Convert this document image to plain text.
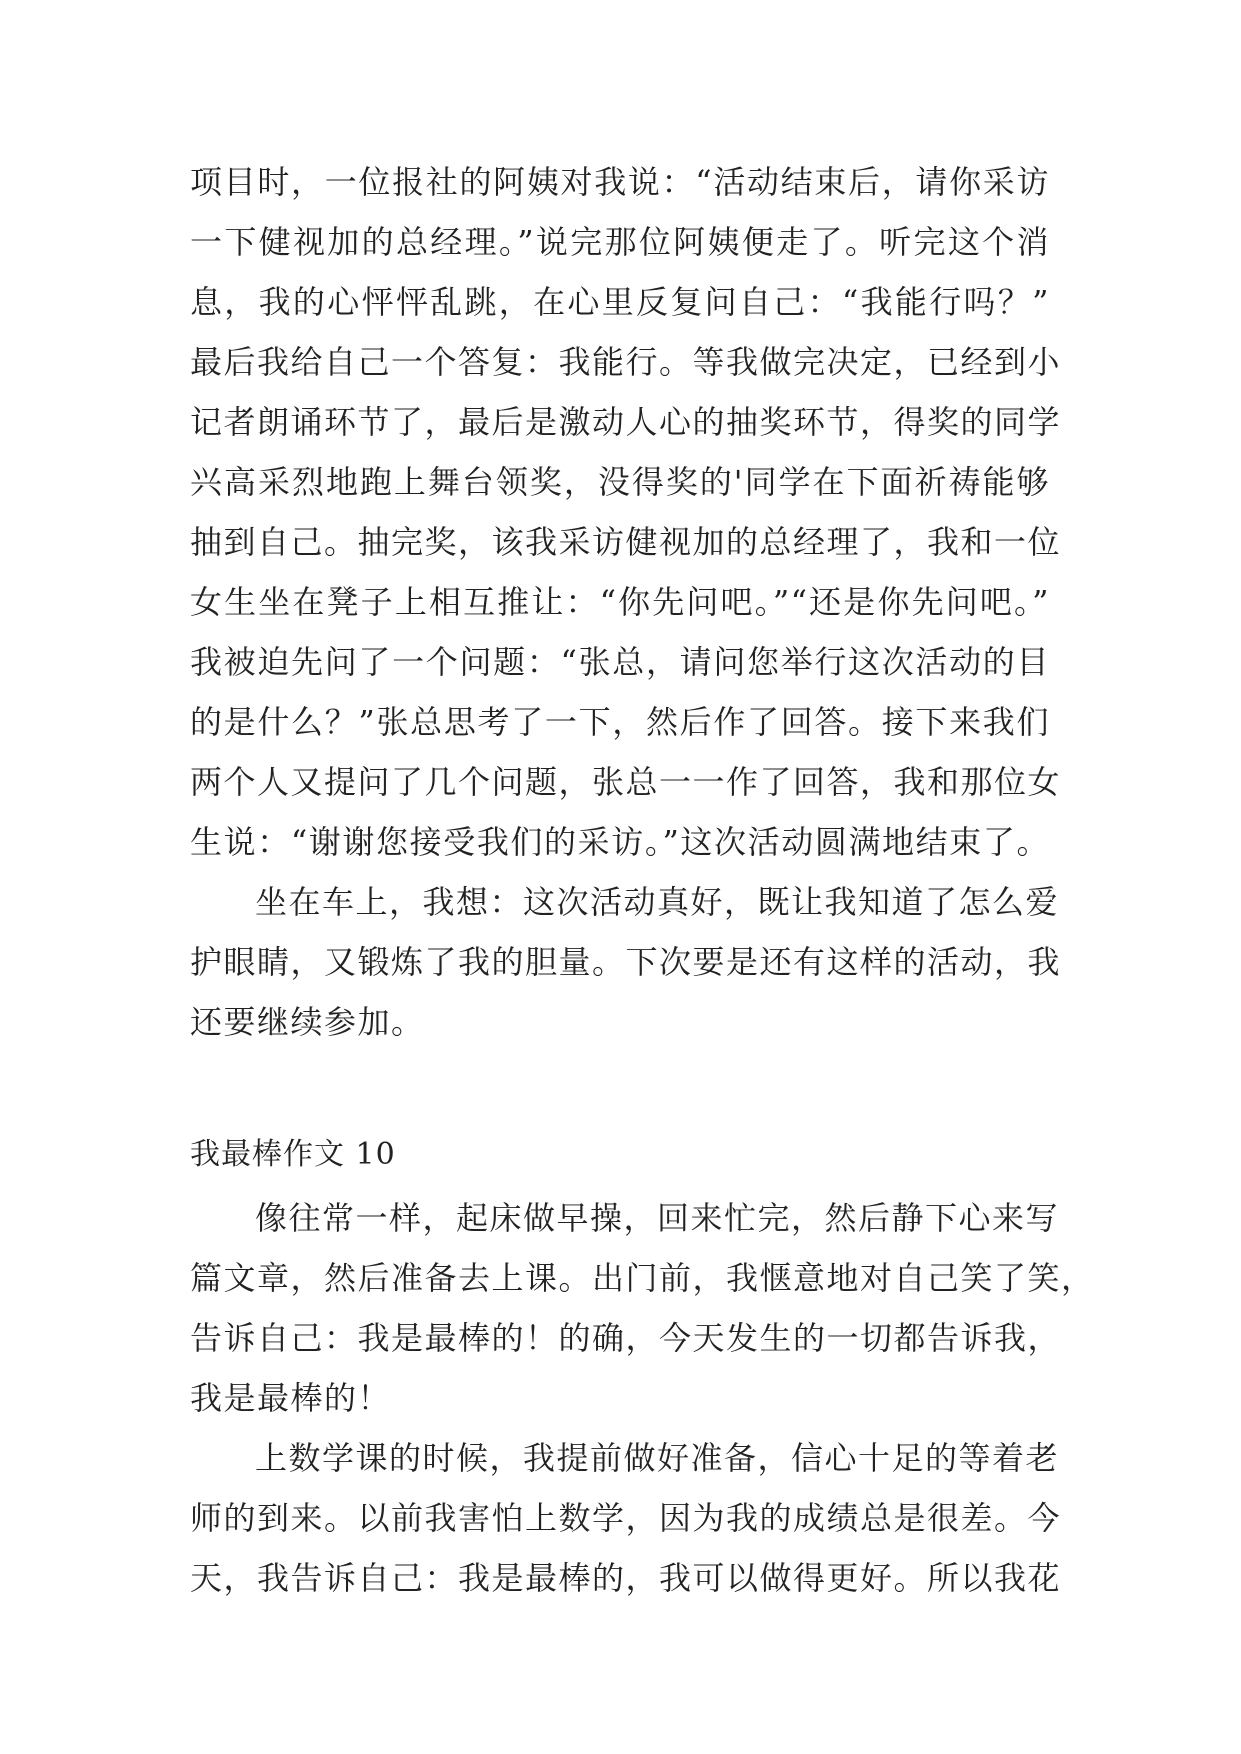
项目时，一位报社的阿姨对我说：“活动结束后，请你采访
一下健视加的总经理。”说完那位阿姨便走了。听完这个消
息，我的心怦怦乱跳，在心里反复问自己：“我能行吗？”
最后我给自己一个答复：我能行。等我做完决定，已经到小
记者朗诵环节了，最后是激动人心的抽奖环节，得奖的同学
兴高采烈地跑上舞台领奖，没得奖的'同学在下面祈祷能够
抽到自己。抽完奖，该我采访健视加的总经理了，我和一位
女生坐在凳子上相互推让：“你先问吧。”“还是你先问吧。”
我被迫先问了一个问题：“张总，请问您举行这次活动的目
的是什么？”张总思考了一下，然后作了回答。接下来我们
两个人又提问了几个问题，张总一一作了回答，我和那位女
生说：“谢谢您接受我们的采访。”这次活动圆满地结束了。
坐在车上，我想：这次活动真好，既让我知道了怎么爱
护眼睛，又锻炼了我的胆量。下次要是还有这样的活动，我
还要继续参加。
我最棒作文 10
像往常一样，起床做早操，回来忙完，然后静下心来写
篇文章，然后准备去上课。出门前，我惬意地对自己笑了笑，
告诉自己：我是最棒的！的确，今天发生的一切都告诉我，
我是最棒的！
上数学课的时候，我提前做好准备，信心十足的等着老
师的到来。以前我害怕上数学，因为我的成绩总是很差。今
天，我告诉自己：我是最棒的，我可以做得更好。所以我花
